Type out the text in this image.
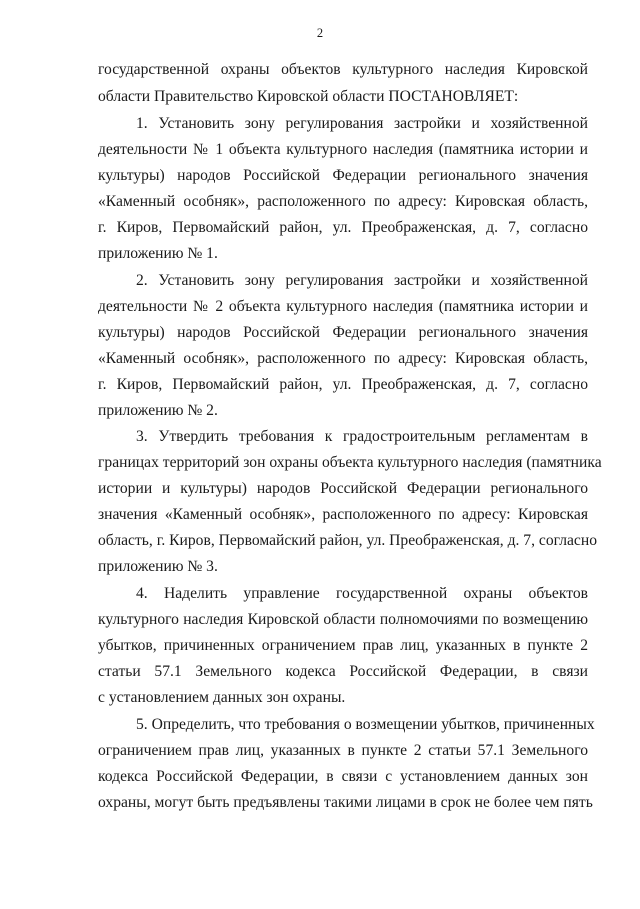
2
государственной охраны объектов культурного наследия Кировской
области Правительство Кировской области ПОСТАНОВЛЯЕТ:
1. Установить зону регулирования застройки и хозяйственной
деятельности № 1 объекта культурного наследия (памятника истории и
культуры) народов Российской Федерации регионального значения
«Каменный особняк», расположенного по адресу: Кировская область,
г. Киров, Первомайский район, ул. Преображенская, д. 7, согласно
приложению № 1.
2. Установить зону регулирования застройки и хозяйственной
деятельности № 2 объекта культурного наследия (памятника истории и
культуры) народов Российской Федерации регионального значения
«Каменный особняк», расположенного по адресу: Кировская область,
г. Киров, Первомайский район, ул. Преображенская, д. 7, согласно
приложению № 2.
3. Утвердить требования к градостроительным регламентам в
границах территорий зон охраны объекта культурного наследия (памятника
истории и культуры) народов Российской Федерации регионального
значения «Каменный особняк», расположенного по адресу: Кировская
область, г. Киров, Первомайский район, ул. Преображенская, д. 7, согласно
приложению № 3.
4. Наделить управление государственной охраны объектов
культурного наследия Кировской области полномочиями по возмещению
убытков, причиненных ограничением прав лиц, указанных в пункте 2
статьи 57.1 Земельного кодекса Российской Федерации, в связи
с установлением данных зон охраны.
5. Определить, что требования о возмещении убытков, причиненных
ограничением прав лиц, указанных в пункте 2 статьи 57.1 Земельного
кодекса Российской Федерации, в связи с установлением данных зон
охраны, могут быть предъявлены такими лицами в срок не более чем пять
